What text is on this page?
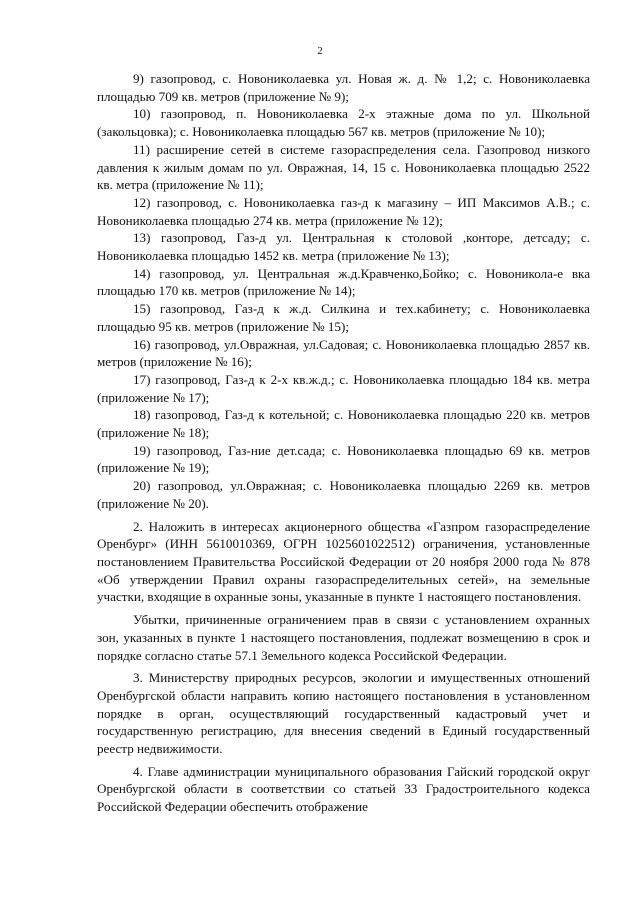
2

9) газопровод, с. Новониколаевка ул. Новая ж. д. № 1,2; с. Новониколаевка площадью 709 кв. метров (приложение № 9);

10) газопровод, п. Новониколаевка 2-х этажные дома по ул. Школьной (закольцовка); с. Новониколаевка площадью 567 кв. метров (приложение № 10);

11) расширение сетей в системе газораспределения села. Газопровод низкого давления к жилым домам по ул. Овражная, 14, 15 с. Новониколаевка площадью 2522 кв. метра (приложение № 11);

12) газопровод, с. Новониколаевка газ-д к магазину – ИП Максимов А.В.; с. Новониколаевка площадью 274 кв. метра (приложение № 12);

13) газопровод, Газ-д ул. Центральная к столовой ,конторе, детсаду; с. Новониколаевка площадью 1452 кв. метра (приложение № 13);

14) газопровод, ул. Центральная ж.д.Кравченко,Бойко; с. Новоникола-е вка площадью 170 кв. метров (приложение № 14);

15) газопровод, Газ-д к ж.д. Силкина и тех.кабинету; с. Новониколаевка площадью 95 кв. метров (приложение № 15);

16) газопровод, ул.Овражная, ул.Садовая; с. Новониколаевка площадью 2857 кв. метров (приложение № 16);

17) газопровод, Газ-д к 2-х кв.ж.д.; с. Новониколаевка площадью 184 кв. метра (приложение № 17);

18) газопровод, Газ-д к котельной; с. Новониколаевка площадью 220 кв. метров (приложение № 18);

19) газопровод, Газ-ние дет.сада; с. Новониколаевка площадью 69 кв. метров (приложение № 19);

20) газопровод, ул.Овражная; с. Новониколаевка площадью 2269 кв. метров (приложение № 20).

2. Наложить в интересах акционерного общества «Газпром газораспределение Оренбург» (ИНН 5610010369, ОГРН 1025601022512) ограничения, установленные постановлением Правительства Российской Федерации от 20 ноября 2000 года № 878 «Об утверждении Правил охраны газораспределительных сетей», на земельные участки, входящие в охранные зоны, указанные в пункте 1 настоящего постановления.

Убытки, причиненные ограничением прав в связи с установлением охранных зон, указанных в пункте 1 настоящего постановления, подлежат возмещению в срок и порядке согласно статье 57.1 Земельного кодекса Российской Федерации.

3. Министерству природных ресурсов, экологии и имущественных отношений Оренбургской области направить копию настоящего постановления в установленном порядке в орган, осуществляющий государственный кадастровый учет и государственную регистрацию, для внесения сведений в Единый государственный реестр недвижимости.

4. Главе администрации муниципального образования Гайский городской округ Оренбургской области в соответствии со статьей 33 Градостроительного кодекса Российской Федерации обеспечить отображение
